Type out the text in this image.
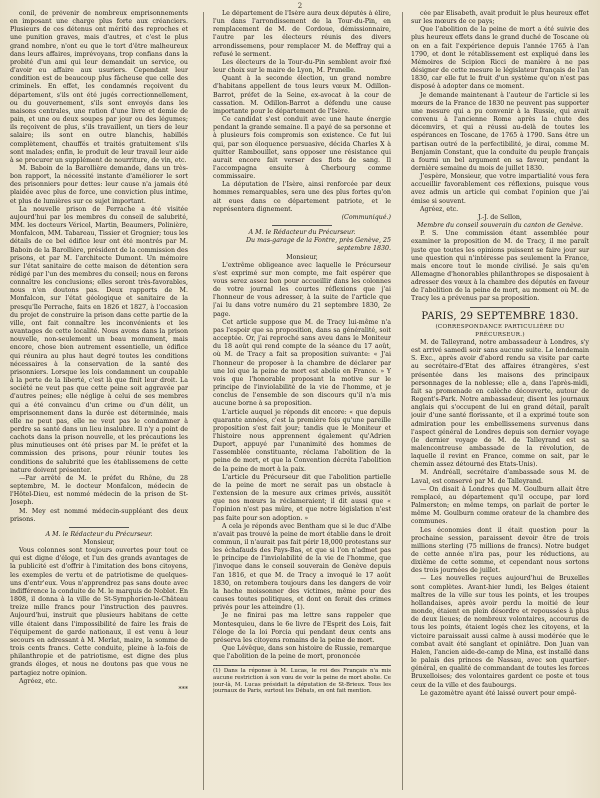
2

conil, de prévenir de nombreux emprisonnements en imposant une charge plus forte aux créanciers. Plusieurs de ces détenus ont mérité des reproches et une punition graves, mais d'autres, et c'est le plus grand nombre, n'ont eu que le tort d'être malheureux dans leurs affaires, imprévoyans, trop confians dans la probité d'un ami qui leur demandait un service, ou d'avoir eu affaire aux usuriers. Cependant leur condition est de beaucoup plus fâcheuse que celle des criminels. En effet, les condamnés reçoivent du département, s'ils ont été jugés correctionnellement, ou du gouvernement, s'ils sont envoyés dans les maisons centrales, une ration d'une livre et demie de pain, et une ou deux soupes par jour ou des légumes; ils reçoivent de plus, s'ils travaillent, un tiers de leur salaire; ils sont en outre blanchis, habillés complètement, chauffés et traités gratuitement s'ils sont malades; enfin, le produit de leur travail leur aide à se procurer un supplément de nourriture, de vin, etc.

M. Baboin de la Barollière demande, dans un très-bon rapport, la nécessité instante d'améliorer le sort des prisonniers pour dettes: leur cause n'a jamais été plaidée avec plus de force, une conviction plus intime, et plus de lumières sur ce sujet important.

La nouvelle prison de Perrache a été visitée aujourd'hui par les membres du conseil de salubrité, MM. les docteurs Véricel, Martin, Beaumers, Polinière, Monfalcon, MM. Tabareau, Tissier et Grognier; tous les détails de ce bel édifice leur ont été montrés par M. Baboin de la Barollière, président de la commission des prisons, et par M. l'architecte Dumont. Un mémoire sur l'état sanitaire de cette maison de détention sera rédigé par l'un des membres du conseil; nous en ferons connaître les conclusions; elles seront très-favorables, nous n'en doutons pas. Deux rapports de M. Monfalcon, sur l'état géologique et sanitaire de la presqu'île Perrache, faits en 1826 et 1827, à l'occasion du projet de construire la prison dans cette partie de la ville, ont fait connaître les inconvénients et les avantages de cette localité. Nous avons dans la prison nouvelle, non-seulement un beau monument, mais encore, chose bien autrement essentielle, un édifice qui réunira au plus haut degré toutes les conditions nécessaires à la conservation de la santé des prisonniers. Lorsque les lois condamnent un coupable à la perte de la liberté, c'est là que finit leur droit. La société ne veut pas que cette peine soit aggravée par d'autres peines; elle néglige à celui de ses membres qui a été convaincu d'un crime ou d'un délit, un emprisonnement dans la durée est déterminée, mais elle ne peut pas, elle ne veut pas le condamner à perdre sa santé dans un lieu insalubre. Il n'y a point de cachots dans la prison nouvelle, et les précautions les plus minutieuses ont été prises par M. le préfet et la commission des prisons, pour réunir toutes les conditions de salubrité que les établissemens de cette nature doivent présenter.

—Par arrêté de M. le préfet du Rhône, du 28 septembre, M. le docteur Monfalcon, médecin de l'Hôtel-Dieu, est nommé médecin de la prison de St-Joseph.

M. Mey est nommé médecin-suppléant des deux prisons.

A M. le Rédacteur du Précurseur.

Monsieur,

Vous colonnes sont toujours ouvertes pour tout ce qui est digne d'éloge, et l'un des grands avantages de la publicité est d'offrir à l'imitation des bons citoyens, les exemples de vertu et de patriotisme de quelques-uns d'entr'eux. Vous n'apprendrez pas sans doute avec indifférence la conduite de M. le marquis de Noblet. En 1808, il donna à la ville de St-Symphorien-le-Château treize mille francs pour l'instruction des pauvres. Aujourd'hui, instruit que plusieurs habitans de cette ville étaient dans l'impossibilité de faire les frais de l'équipement de garde nationaux, il est venu à leur secours en adressant à M. Merlat, maire, la somme de trois cents francs. Cette conduite, pleine à la-fois de philanthropie et de patriotisme, est digne des plus grands éloges, et nous ne doutons pas que vous ne partagiez notre opinion.

Agréez, etc.

***

Le département de l'Isère aura deux députés à élire, l'un dans l'arrondissement de la Tour-du-Pin, en remplacement de M. de Cordoue, démissionnaire, l'autre par les électeurs réunis des divers arrondissemens, pour remplacer M. de Meffray qui a refusé le serment.

Les électeurs de la Tour-du-Pin semblent avoir fixé leur choix sur le maire de Lyon, M. Prunelle.

Quant à la seconde élection, un grand nombre d'habitans appellent de tous leurs vœux M. Odillon-Barrot, préfet de la Seine, ex-avocat à la cour de cassation. M. Odillon-Barrot a défendu une cause importante pour le département de l'Isère.

Ce candidat s'est conduit avec une haute énergie pendant la grande semaine. Il a payé de sa personne et à plusieurs fois compromis son existence. Ce fut lui qui, par son éloquence persuasive, décida Charles X à quitter Rambouillet, sans opposer une résistance qui aurait encore fait verser des flots de sang. Il l'accompagna ensuite à Cherbourg comme commissaire.

La députation de l'Isère, ainsi renforcée par deux hommes remarquables, sera une des plus fortes qu'on ait eues dans ce département patriote, et le représentera dignement.

(Communiqué.)

A M. le Rédacteur du Précurseur.

Du mas-garage de la Fontre, près Genève, 25 septembre 1830.

Monsieur,

L'extrême obligeance avec laquelle le Précurseur s'est exprimé sur mon compte, me fait espérer que vous serez assez bon pour accueillir dans les colonnes de votre journal les courtes réflexions que j'ai l'honneur de vous adresser, à la suite de l'article que j'ai lu dans votre numéro du 21 septembre 1830, 2e page.

Cet article suppose que M. de Tracy lui-même n'a pas l'espoir que sa proposition, dans sa généralité, soit acceptée. Or, j'ai reproché sans aveu dans le Moniteur du 18 août qui rend compte de la séance du 17 août, où M. de Tracy a fait sa proposition suivante: « J'ai l'honneur de proposer à la chambre de déclarer par une loi que la peine de mort est abolie en France. » Y vois que l'honorable proposant la motive sur le principe de l'inviolabilité de la vie de l'homme, et je conclus de l'ensemble de son discours qu'il n'a mis aucune borne à sa proposition.

L'article auquel je réponds dit encore: « que depuis quarante années, c'est la première fois qu'une pareille proposition s'est fait jour; tandis que le Moniteur et l'histoire nous apprennent également qu'Adrien Duport, appuyé par l'unanimité des hommes de l'assemblée constituante, réclama l'abolition de la peine de mort, et que la Convention décréta l'abolition de la peine de mort à la paix.

L'article du Précurseur dit que l'abolition partielle de la peine de mort ne serait pas un obstacle à l'extension de la mesure aux crimes privés, aussitôt que nos mœurs la réclameraient; il dit aussi que « l'opinion n'est pas mûre, et que notre législation n'est pas faite pour son adoption. »

A cela je réponds avec Bentham que si le duc d'Albe n'avait pas trouvé la peine de mort établie dans le droit commun, il n'aurait pas fait périr 18,000 protestans sur les échafauds des Pays-Bas, et que si l'on n'admet pas le principe de l'inviolabilité de la vie de l'homme, que j'invoque dans le conseil souverain de Genève depuis l'an 1816, et que M. de Tracy a invoqué le 17 août 1830, on retombera toujours dans les dangers de voir la hache moissonner des victimes, même pour des causes toutes politiques, et dont on ferait des crimes privés pour les atteindre (1).

Je ne finirai pas ma lettre sans rappeler que Montesquieu, dans le 6e livre de l'Esprit des Lois, fait l'éloge de la loi Porcia qui pendant deux cents ans préserva les citoyens romains de la peine de mort.

Que Lévêque, dans son histoire de Russie, remarque que l'abolition de la peine de mort, prononcée

(1) Dans la réponse à M. Lucas, le roi des Français n'a mis aucune restriction à son vœu de voir la peine de mort abolie. Ce jour-là, M. Lucas présidait la députation de St-Brieux. Tous les journaux de Paris, surtout les Débats, en ont fait mention.

cée par Elisabeth, avait produit le plus heureux effet sur les mœurs de ce pays;

Que l'abolition de la peine de mort a été suivie des plus heureux effets dans le grand duché de Toscane où on en a fait l'expérience depuis l'année 1765 à l'an 1790, et dont le rétablissement est expliqué dans les Mémoires de Scipion Ricci de manière à ne pas désigner de cette mesure le législateur français de l'an 1830, car elle fut le fruit d'un système qu'on n'est pas disposé à adopter dans ce moment.

Je demande maintenant à l'auteur de l'article si les mœurs de la France de 1830 ne peuvent pas supporter une mesure qui a pu convenir à la Russie, qui avait convenu à l'ancienne Rome après la chute des décemvirs, et qui a réussi au-delà de toutes les espérances en Toscane, de 1765 à 1790. Sans être un partisan outré de la perfectibilité, je dirai, comme M. Benjamin Constant, que la conduite du peuple français a fourni un bel argument en sa faveur, pendant la dernière semaine du mois de juillet 1830.

J'espère, Monsieur, que votre impartialité vous fera accueillir favorablement ces réflexions, puisque vous avez admis un article qui combat l'opinion que j'ai émise si souvent.

Agréez, etc.

J.-J. de Sellon,

Membre du conseil souverain du canton de Genève.

P. S. Une commission étant assemblée pour examiner la proposition de M. de Tracy, il me paraît juste que toutes les opinions puissent se faire jour sur une question qui n'intéresse pas seulement la France, mais encore tout le monde civilisé. Je sais qu'en Allemagne d'honorables philanthropes se disposaient à adresser des vœux à la chambre des députés en faveur de l'abolition de la peine de mort, au moment où M. de Tracy les a prévenus par sa proposition.

PARIS, 29 SEPTEMBRE 1830.

(CORRESPONDANCE PARTICULIÈRE DU PRÉCURSEUR.)

M. de Talleyrand, notre ambassadeur à Londres, s'y est arrivé samedi soir sans aucune suite. Le lendemain S. Exc., après avoir d'abord rendu sa visite par carte au secrétaire-d'Etat des affaires étrangères, s'est présentée dans les maisons des principaux personnages de la noblesse; elle a, dans l'après-midi, fait sa promenade en calèche découverte, autour de Regent's-Park. Notre ambassadeur, disent les journaux anglais qui s'occupent de lui en grand détail, paraît jouir d'une santé florissante, et il a exprimé toute son admiration pour les embellissemens survenus dans l'aspect général de Londres depuis son dernier voyage (le dernier voyage de M. de Talleyrand est sa malencontreuse ambassade de la révolution, de laquelle il revint en France, comme on sait, par le chemin assez détourné des Etats-Unis).

M. Andréall, secrétaire d'ambassade sous M. de Laval, est conservé par M. de Talleyrand.

— On disait à Londres que M. Goulburn allait être remplacé, au département qu'il occupe, par lord Palmerston; en même temps, on parlait de porter le même M. Goulburn comme orateur de la chambre des communes.

Les économies dont il était question pour la prochaine session, paraissent devoir être de trois millions sterling (75 millions de francs). Notre budget de cette année n'ira pas, pour les réductions, au dixième de cette somme, et cependant nous sortons des trois journées de juillet.

— Les nouvelles reçues aujourd'hui de Bruxelles sont complètes. Avant-hier lundi, les Belges étaient maîtres de la ville sur tous les points, et les troupes hollandaises, après avoir perdu la moitié de leur monde, étaient en plein désordre et repoussées à plus de deux lieues; de nombreux volontaires, accourus de tous les points, étaient logés chez les citoyens, et la victoire paraissait aussi calme à aussi modérée que le combat avait été sanglant et opiniâtre. Don Juan van Halen, l'ancien aide-de-camp de Mina, est installé dans le palais des princes de Nassau, avec son quartier-général, en qualité de commandant de toutes les forces Bruxelloises; des volontaires gardent ce poste et tous ceux de la ville et des faubourgs.

Le gazomètre ayant été laissé ouvert pour empê-
